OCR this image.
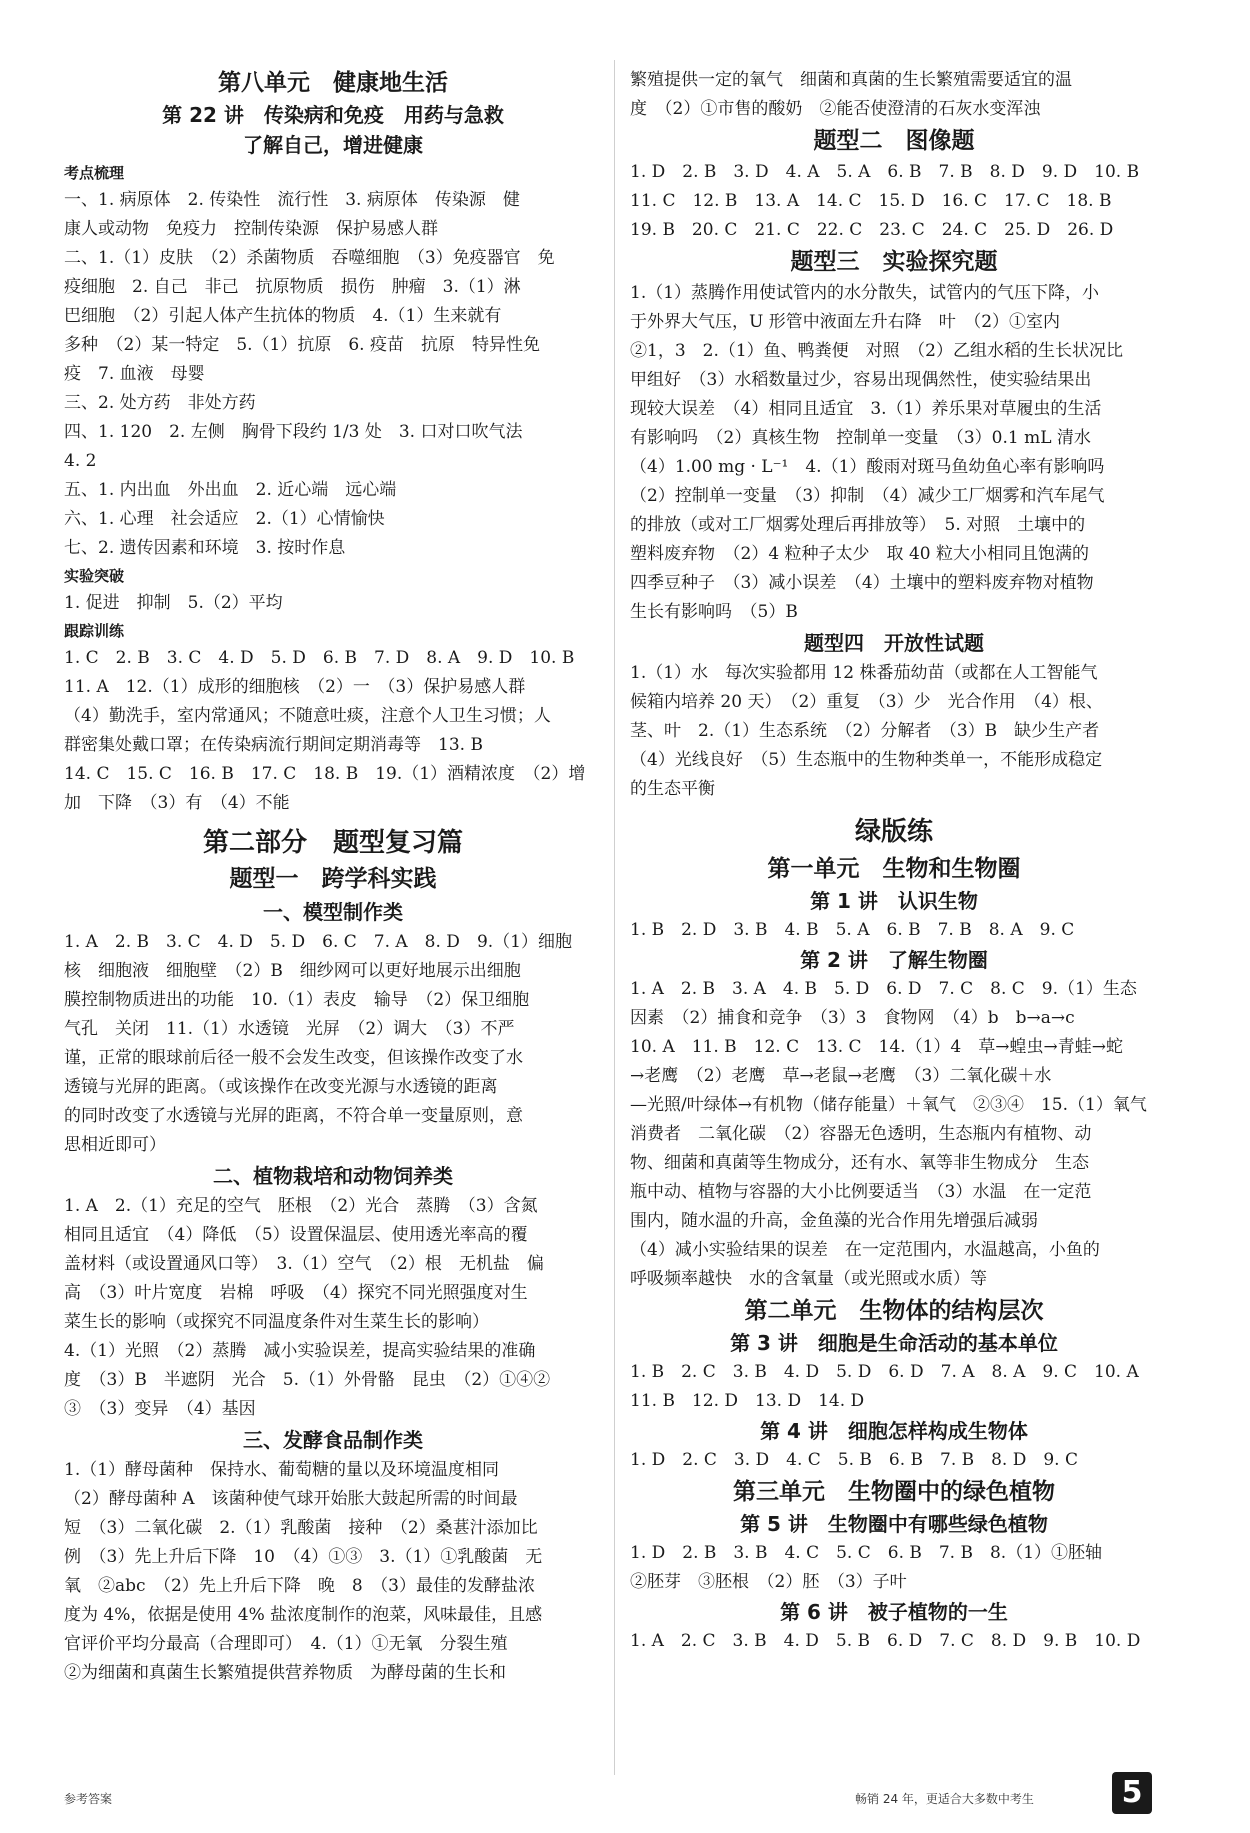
第八单元　健康地生活
第 22 讲　传染病和免疫　用药与急救
了解自己，增进健康
考点梳理
一、1. 病原体　2. 传染性　流行性　3. 病原体　传染源　健
康人或动物　免疫力　控制传染源　保护易感人群
二、1.（1）皮肤　（2）杀菌物质　吞噬细胞　（3）免疫器官　免
疫细胞　2. 自己　非己　抗原物质　损伤　肿瘤　3.（1）淋
巴细胞　（2）引起人体产生抗体的物质　4.（1）生来就有
多种　（2）某一特定　5.（1）抗原　6. 疫苗　抗原　特异性免
疫　7. 血液　母婴
三、2. 处方药　非处方药
四、1. 120　2. 左侧　胸骨下段约 1/3 处　3. 口对口吹气法
4. 2
五、1. 内出血　外出血　2. 近心端　远心端
六、1. 心理　社会适应　2.（1）心情愉快
七、2. 遗传因素和环境　3. 按时作息
实验突破
1. 促进　抑制　5.（2）平均
跟踪训练
1. C　2. B　3. C　4. D　5. D　6. B　7. D　8. A　9. D　10. B
11. A　12.（1）成形的细胞核　（2）一　（3）保护易感人群
（4）勤洗手，室内常通风；不随意吐痰，注意个人卫生习惯；人
群密集处戴口罩；在传染病流行期间定期消毒等　13. B
14. C　15. C　16. B　17. C　18. B　19.（1）酒精浓度　（2）增
加　下降　（3）有　（4）不能
第二部分　题型复习篇
题型一　跨学科实践
一、模型制作类
1. A　2. B　3. C　4. D　5. D　6. C　7. A　8. D　9.（1）细胞
核　细胞液　细胞壁　（2）B　细纱网可以更好地展示出细胞
膜控制物质进出的功能　10.（1）表皮　输导　（2）保卫细胞
气孔　关闭　11.（1）水透镜　光屏　（2）调大　（3）不严
谨，正常的眼球前后径一般不会发生改变，但该操作改变了水
透镜与光屏的距离。（或该操作在改变光源与水透镜的距离
的同时改变了水透镜与光屏的距离，不符合单一变量原则，意
思相近即可）
二、植物栽培和动物饲养类
1. A　2.（1）充足的空气　胚根　（2）光合　蒸腾　（3）含氮
相同且适宜　（4）降低　（5）设置保温层、使用透光率高的覆
盖材料（或设置通风口等）　3.（1）空气　（2）根　无机盐　偏
高　（3）叶片宽度　岩棉　呼吸　（4）探究不同光照强度对生
菜生长的影响（或探究不同温度条件对生菜生长的影响）
4.（1）光照　（2）蒸腾　减小实验误差，提高实验结果的准确
度　（3）B　半遮阴　光合　5.（1）外骨骼　昆虫　（2）①④②
③　（3）变异　（4）基因
三、发酵食品制作类
1.（1）酵母菌种　保持水、葡萄糖的量以及环境温度相同
（2）酵母菌种 A　该菌种使气球开始胀大鼓起所需的时间最
短　（3）二氧化碳　2.（1）乳酸菌　接种　（2）桑葚汁添加比
例　（3）先上升后下降　10　（4）①③　3.（1）①乳酸菌　无
氧　②abc　（2）先上升后下降　晚　8　（3）最佳的发酵盐浓
度为 4%，依据是使用 4% 盐浓度制作的泡菜，风味最佳，且感
官评价平均分最高（合理即可）　4.（1）①无氧　分裂生殖
②为细菌和真菌生长繁殖提供营养物质　为酵母菌的生长和
繁殖提供一定的氧气　细菌和真菌的生长繁殖需要适宜的温
度　（2）①市售的酸奶　②能否使澄清的石灰水变浑浊
题型二　图像题
1. D　2. B　3. D　4. A　5. A　6. B　7. B　8. D　9. D　10. B
11. C　12. B　13. A　14. C　15. D　16. C　17. C　18. B
19. B　20. C　21. C　22. C　23. C　24. C　25. D　26. D
题型三　实验探究题
1.（1）蒸腾作用使试管内的水分散失，试管内的气压下降，小
于外界大气压，U 形管中液面左升右降　叶　（2）①室内
②1，3　2.（1）鱼、鸭粪便　对照　（2）乙组水稻的生长状况比
甲组好　（3）水稻数量过少，容易出现偶然性，使实验结果出
现较大误差　（4）相同且适宜　3.（1）养乐果对草履虫的生活
有影响吗　（2）真核生物　控制单一变量　（3）0.1 mL 清水
（4）1.00 mg · L⁻¹　4.（1）酸雨对斑马鱼幼鱼心率有影响吗
（2）控制单一变量　（3）抑制　（4）减少工厂烟雾和汽车尾气
的排放（或对工厂烟雾处理后再排放等）　5. 对照　土壤中的
塑料废弃物　（2）4 粒种子太少　取 40 粒大小相同且饱满的
四季豆种子　（3）减小误差　（4）土壤中的塑料废弃物对植物
生长有影响吗　（5）B
题型四　开放性试题
1.（1）水　每次实验都用 12 株番茄幼苗（或都在人工智能气
候箱内培养 20 天）　（2）重复　（3）少　光合作用　（4）根、
茎、叶　2.（1）生态系统　（2）分解者　（3）B　缺少生产者
（4）光线良好　（5）生态瓶中的生物种类单一，不能形成稳定
的生态平衡
绿版练
第一单元　生物和生物圈
第 1 讲　认识生物
1. B　2. D　3. B　4. B　5. A　6. B　7. B　8. A　9. C
第 2 讲　了解生物圈
1. A　2. B　3. A　4. B　5. D　6. D　7. C　8. C　9.（1）生态
因素　（2）捕食和竞争　（3）3　食物网　（4）b　b→a→c
10. A　11. B　12. C　13. C　14.（1）4　草→蝗虫→青蛙→蛇
→老鹰　（2）老鹰　草→老鼠→老鹰　（3）二氧化碳＋水
—光照/叶绿体→有机物（储存能量）＋氧气　②③④　15.（1）氧气
消费者　二氧化碳　（2）容器无色透明，生态瓶内有植物、动
物、细菌和真菌等生物成分，还有水、氧等非生物成分　生态
瓶中动、植物与容器的大小比例要适当　（3）水温　在一定范
围内，随水温的升高，金鱼藻的光合作用先增强后减弱
（4）减小实验结果的误差　在一定范围内，水温越高，小鱼的
呼吸频率越快　水的含氧量（或光照或水质）等
第二单元　生物体的结构层次
第 3 讲　细胞是生命活动的基本单位
1. B　2. C　3. B　4. D　5. D　6. D　7. A　8. A　9. C　10. A
11. B　12. D　13. D　14. D
第 4 讲　细胞怎样构成生物体
1. D　2. C　3. D　4. C　5. B　6. B　7. B　8. D　9. C
第三单元　生物圈中的绿色植物
第 5 讲　生物圈中有哪些绿色植物
1. D　2. B　3. B　4. C　5. C　6. B　7. B　8.（1）①胚轴
②胚芽　③胚根　（2）胚　（3）子叶
第 6 讲　被子植物的一生
1. A　2. C　3. B　4. D　5. B　6. D　7. C　8. D　9. B　10. D
参考答案	畅销 24 年，更适合大多数中考生	5
